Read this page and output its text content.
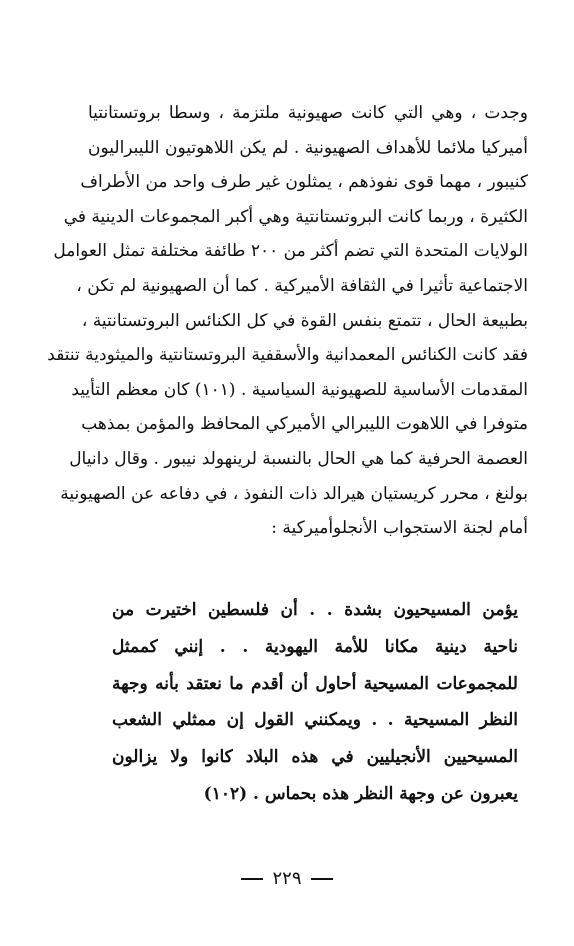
وجدت ، وهي التي كانت صهيونية ملتزمة ، وسطا بروتستانتيا
أميركيا ملائما للأهداف الصهيونية . لم يكن اللاهوتيون الليبراليون
كنيبور ، مهما قوى نفوذهم ، يمثلون غير طرف واحد من الأطراف
الكثيرة ، وربما كانت البروتستانتية وهي أكبر المجموعات الدينية في
الولايات المتحدة التي تضم أكثر من ٢٠٠ طائفة مختلفة تمثل العوامل
الاجتماعية تأثيرا في الثقافة الأميركية . كما أن الصهيونية لم تكن ،
بطبيعة الحال ، تتمتع بنفس القوة في كل الكنائس البروتستانتية ،
فقد كانت الكنائس المعمدانية والأسقفية البروتستانتية والميثودية تنتقد
المقدمات الأساسية للصهيونية السياسية . (١٠١) كان معظم التأييد
متوفرا في اللاهوت الليبرالي الأميركي المحافظ والمؤمن بمذهب
العصمة الحرفية كما هي الحال بالنسبة لرينهولد نيبور . وقال دانيال
بولنغ ، محرر كريستيان هيرالد ذات النفوذ ، في دفاعه عن الصهيونية
أمام لجنة الاستجواب الأنجلوأميركية :
يؤمن المسيحيون بشدة . . أن فلسطين اختيرت من
ناحية دينية مكانا للأمة اليهودية . . إنني كممثل
للمجموعات المسيحية أحاول أن أقدم ما نعتقد بأنه وجهة
النظر المسيحية . . ويمكنني القول إن ممثلي الشعب
المسيحيين الأنجيليين في هذه البلاد كانوا ولا يزالون
يعبرون عن وجهة النظر هذه بحماس . (١٠٢)
٢٢٩
